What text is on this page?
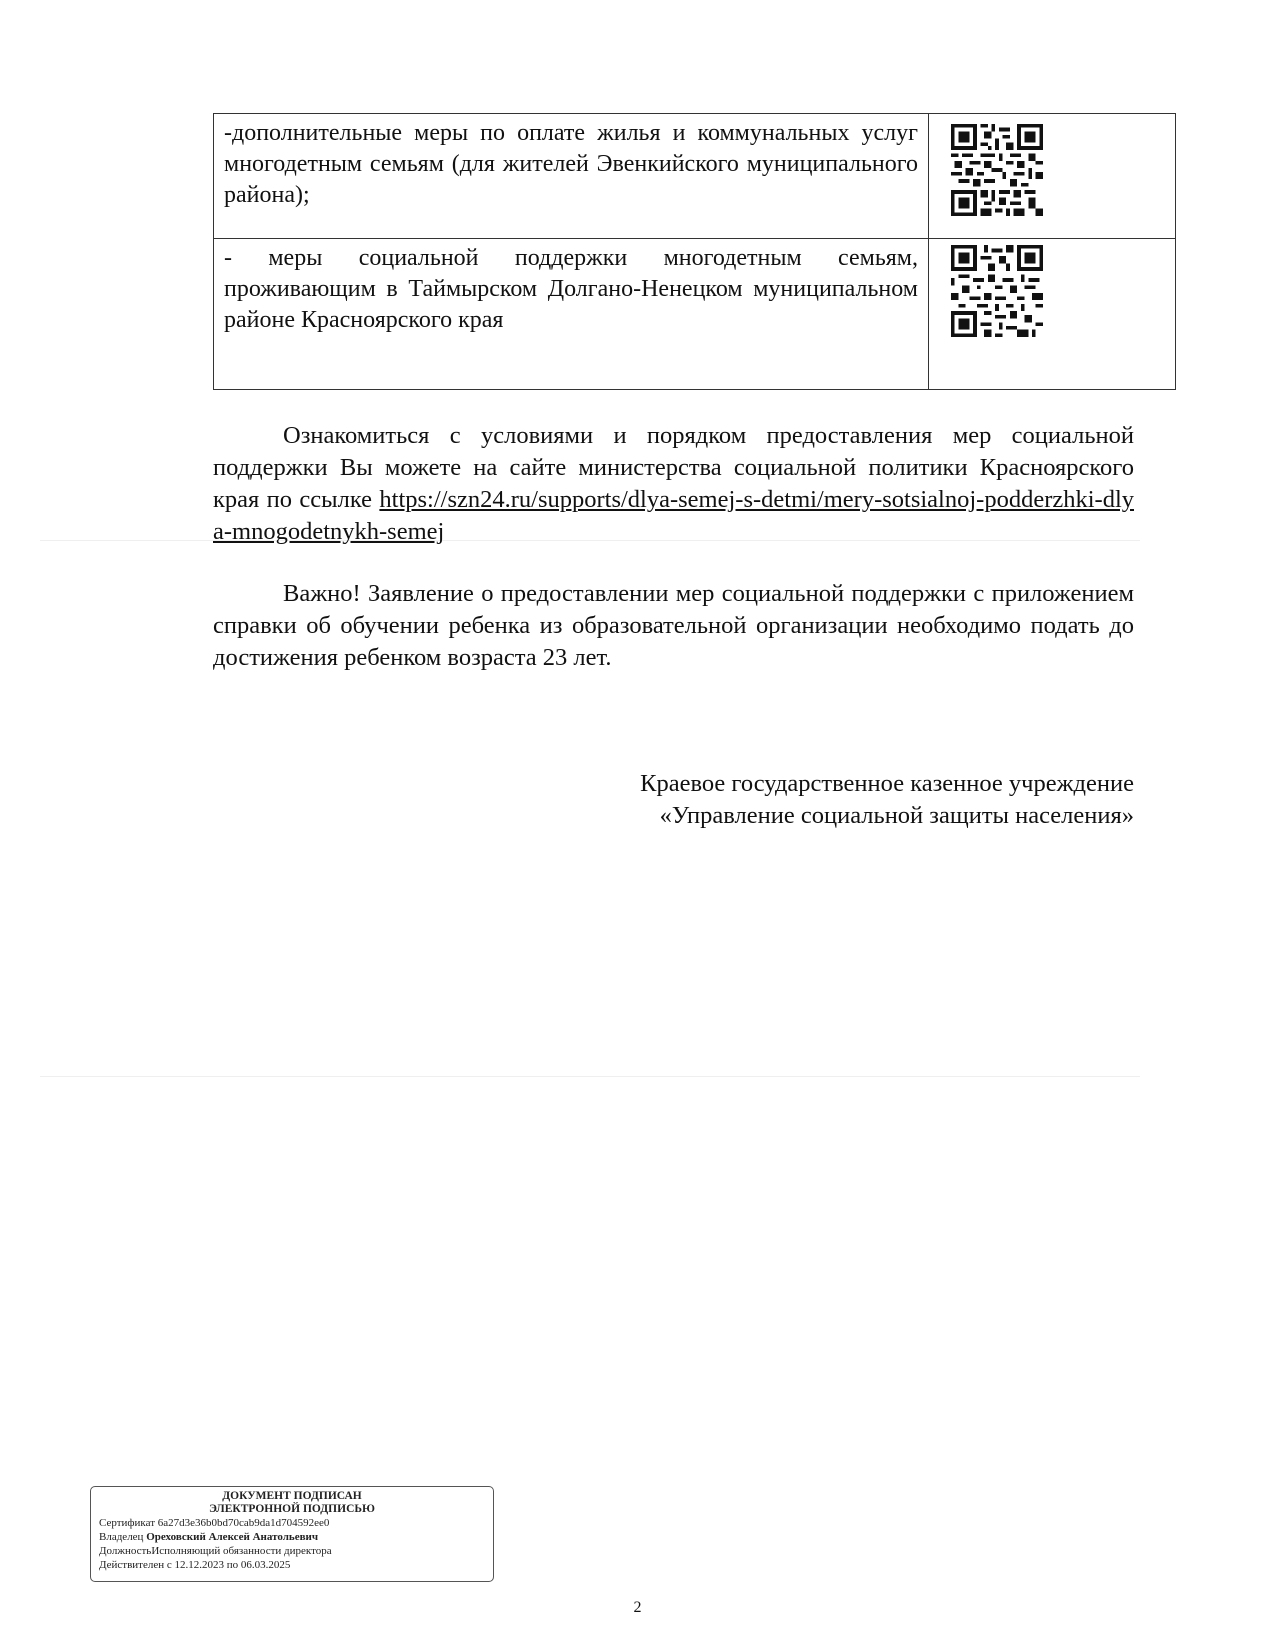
-дополнительные меры по оплате жилья и коммунальных услуг многодетным семьям (для жителей Эвенкийского муниципального района);	

- меры социальной поддержки многодетным семьям, проживающим в Таймырском Долгано-Ненецком муниципальном районе Красноярского края	

Ознакомиться с условиями и порядком предоставления мер социальной поддержки Вы можете на сайте министерства социальной политики Красноярского края по ссылке https://szn24.ru/supports/dlya-semej-s-detmi/mery-sotsialnoj-podderzhki-dlya-mnogodetnykh-semej

Важно! Заявление о предоставлении мер социальной поддержки с приложением справки об обучении ребенка из образовательной организации необходимо подать до достижения ребенком возраста 23 лет.

Краевое государственное казенное учреждение
«Управление социальной защиты населения»
ДОКУМЕНТ ПОДПИСАН
ЭЛЕКТРОННОЙ ПОДПИСЬЮ
Сертификат 6a27d3e36b0bd70cab9da1d704592ee0
Владелец Ореховский Алексей Анатольевич
ДолжностьИсполняющий обязанности директора
Действителен с 12.12.2023 по 06.03.2025
2
